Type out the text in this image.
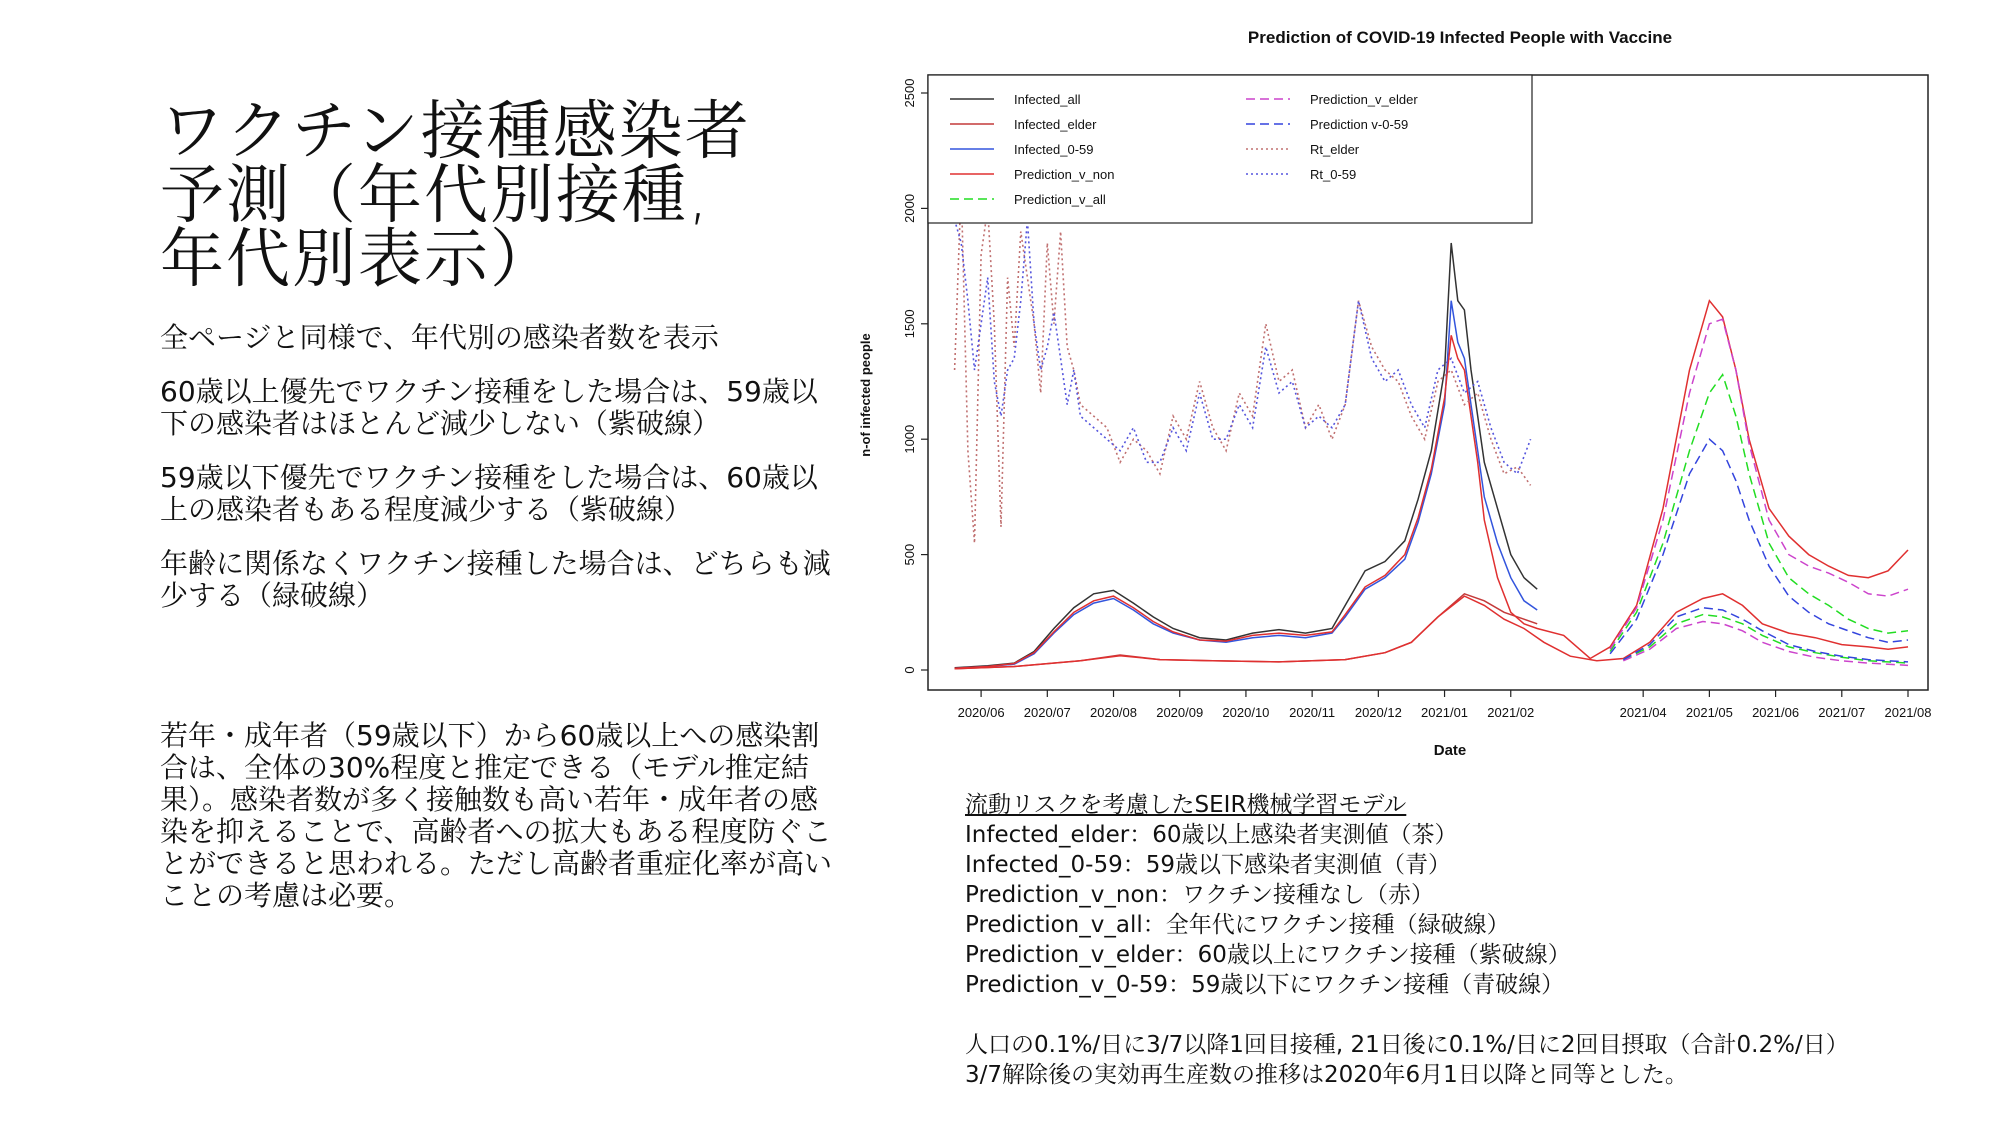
ワクチン接種感染者
予測（年代別接種,
年代別表示）

全ページと同様で、年代別の感染者数を表示

60歳以上優先でワクチン接種をした場合は、59歳以下の感染者はほとんど減少しない（紫破線）

59歳以下優先でワクチン接種をした場合は、60歳以上の感染者もある程度減少する（紫破線）

年齢に関係なくワクチン接種した場合は、どちらも減少する（緑破線）

若年・成年者（59歳以下）から60歳以上への感染割合は、全体の30%程度と推定できる（モデル推定結果）。感染者数が多く接触数も高い若年・成年者の感染を抑えることで、高齢者への拡大もある程度防ぐことができると思われる。ただし高齢者重症化率が高いことの考慮は必要。

Prediction of COVID-19 Infected People with Vaccine
0
500
1000
1500
2000
2500
2020/06 2020/07 2020/08 2020/09 2020/10 2020/11 2020/12 2021/01 2021/02	2021/04 2021/05 2021/06 2021/07 2021/08
Infected_all
Infected_elder
Infected_0-59
Prediction_v_non
Prediction_v_all
Prediction_v_elder
Prediction v-0-59
Rt_elder
Rt_0-59
Date
n-of infected people
流動リスクを考慮したSEIR機械学習モデル
Infected_elder：60歳以上感染者実測値（茶）
Infected_0-59：59歳以下感染者実測値（青）
Prediction_v_non：ワクチン接種なし（赤）
Prediction_v_all：全年代にワクチン接種（緑破線）
Prediction_v_elder：60歳以上にワクチン接種（紫破線）
Prediction_v_0-59：59歳以下にワクチン接種（青破線）
人口の0.1%/日に3/7以降1回目接種, 21日後に0.1%/日に2回目摂取（合計0.2%/日）
3/7解除後の実効再生産数の推移は2020年6月1日以降と同等とした。
